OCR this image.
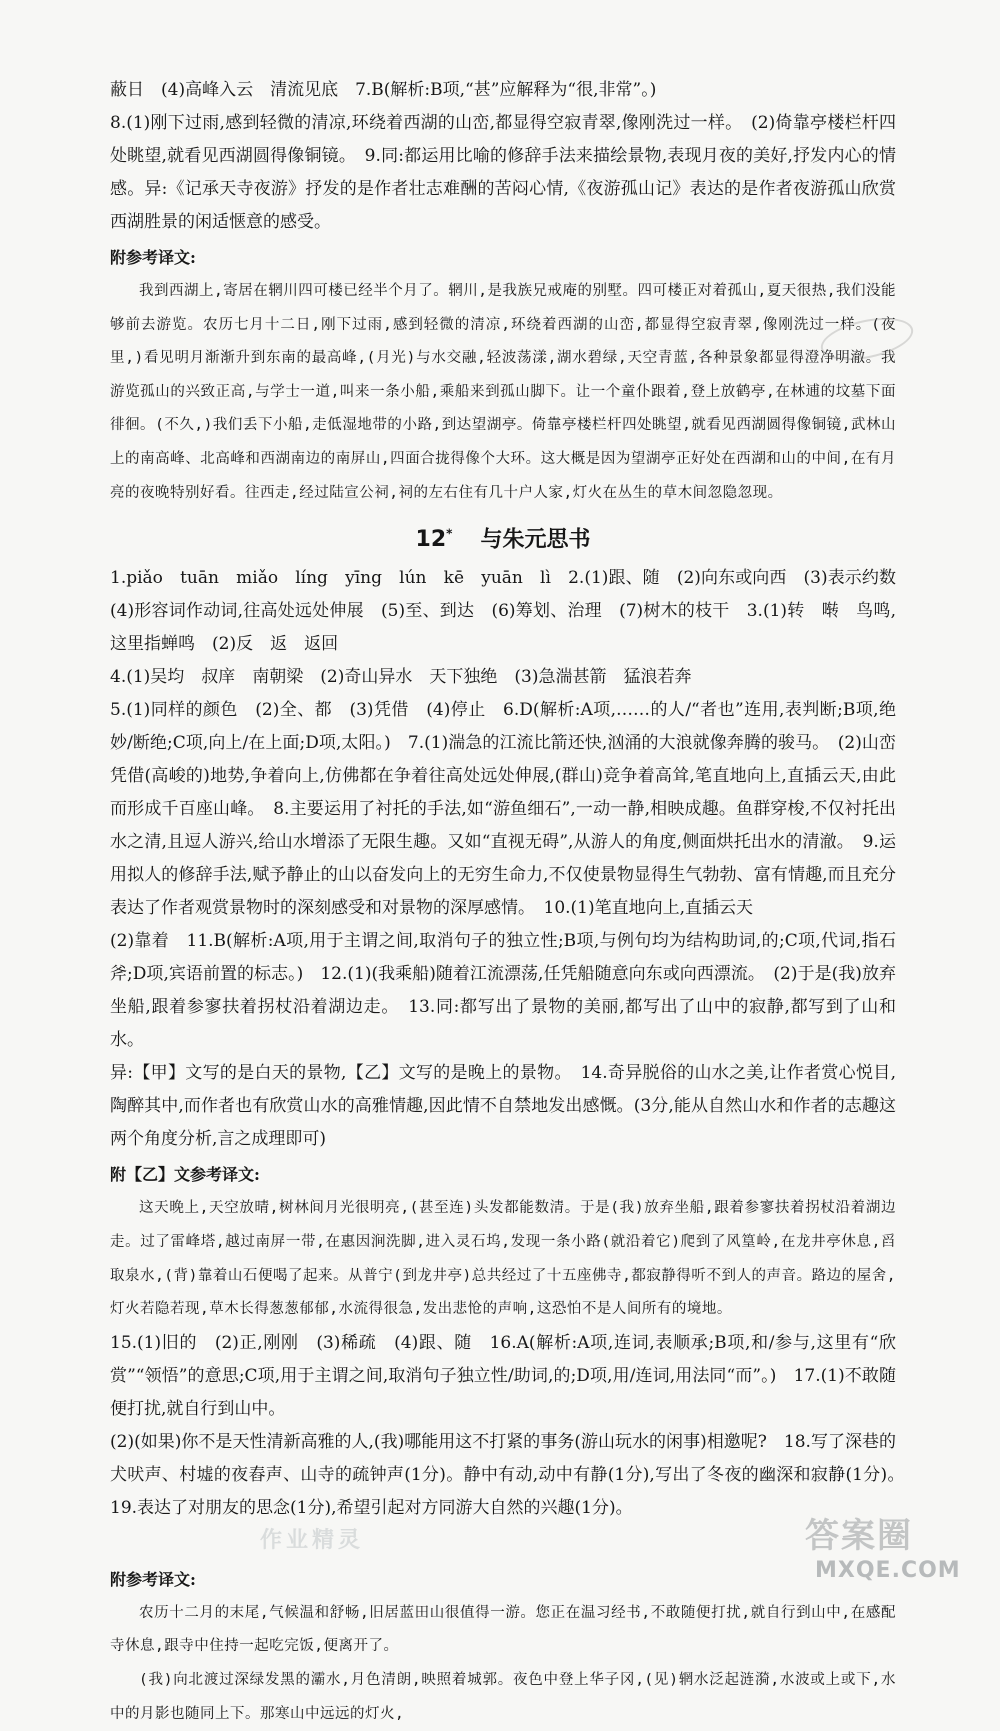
蔽日　(4)高峰入云　清流见底　7.B(解析:B项,“甚”应解释为“很,非常”。)

8.(1)刚下过雨,感到轻微的清凉,环绕着西湖的山峦,都显得空寂青翠,像刚洗过一样。　(2)倚靠亭楼栏杆四处眺望,就看见西湖圆得像铜镜。　9.同:都运用比喻的修辞手法来描绘景物,表现月夜的美好,抒发内心的情感。异:《记承天寺夜游》抒发的是作者壮志难酬的苦闷心情,《夜游孤山记》表达的是作者夜游孤山欣赏西湖胜景的闲适惬意的感受。

附参考译文:

我到西湖上,寄居在辋川四可楼已经半个月了。辋川,是我族兄戒庵的别墅。四可楼正对着孤山,夏天很热,我们没能够前去游览。农历七月十二日,刚下过雨,感到轻微的清凉,环绕着西湖的山峦,都显得空寂青翠,像刚洗过一样。(夜里,)看见明月渐渐升到东南的最高峰,(月光)与水交融,轻波荡漾,湖水碧绿,天空青蓝,各种景象都显得澄净明澈。我游览孤山的兴致正高,与学士一道,叫来一条小船,乘船来到孤山脚下。让一个童仆跟着,登上放鹤亭,在林逋的坟墓下面徘徊。(不久,)我们丢下小船,走低湿地带的小路,到达望湖亭。倚靠亭楼栏杆四处眺望,就看见西湖圆得像铜镜,武林山上的南高峰、北高峰和西湖南边的南屏山,四面合拢得像个大环。这大概是因为望湖亭正好处在西湖和山的中间,在有月亮的夜晚特别好看。往西走,经过陆宣公祠,祠的左右住有几十户人家,灯火在丛生的草木间忽隐忽现。

12* 与朱元思书

1.piǎo　tuān　miǎo　líng　yīng　lún　kē　yuān　lì　2.(1)跟、随　(2)向东或向西　(3)表示约数　(4)形容词作动词,往高处远处伸展　(5)至、到达　(6)筹划、治理　(7)树木的枝干　3.(1)转　啭　鸟鸣,这里指蝉鸣　(2)反　返　返回

4.(1)吴均　叔庠　南朝梁　(2)奇山异水　天下独绝　(3)急湍甚箭　猛浪若奔

5.(1)同样的颜色　(2)全、都　(3)凭借　(4)停止　6.D(解析:A项,……的人/“者也”连用,表判断;B项,绝妙/断绝;C项,向上/在上面;D项,太阳。)　7.(1)湍急的江流比箭还快,汹涌的大浪就像奔腾的骏马。　(2)山峦凭借(高峻的)地势,争着向上,仿佛都在争着往高处远处伸展,(群山)竞争着高耸,笔直地向上,直插云天,由此而形成千百座山峰。　8.主要运用了衬托的手法,如“游鱼细石”,一动一静,相映成趣。鱼群穿梭,不仅衬托出水之清,且逗人游兴,给山水增添了无限生趣。又如“直视无碍”,从游人的角度,侧面烘托出水的清澈。　9.运用拟人的修辞手法,赋予静止的山以奋发向上的无穷生命力,不仅使景物显得生气勃勃、富有情趣,而且充分表达了作者观赏景物时的深刻感受和对景物的深厚感情。　10.(1)笔直地向上,直插云天

(2)靠着　11.B(解析:A项,用于主谓之间,取消句子的独立性;B项,与例句均为结构助词,的;C项,代词,指石斧;D项,宾语前置的标志。)　12.(1)(我乘船)随着江流漂荡,任凭船随意向东或向西漂流。　(2)于是(我)放弃坐船,跟着参寥扶着拐杖沿着湖边走。　13.同:都写出了景物的美丽,都写出了山中的寂静,都写到了山和水。

异:【甲】文写的是白天的景物,【乙】文写的是晚上的景物。　14.奇异脱俗的山水之美,让作者赏心悦目,陶醉其中,而作者也有欣赏山水的高雅情趣,因此情不自禁地发出感慨。(3分,能从自然山水和作者的志趣这两个角度分析,言之成理即可)

附【乙】文参考译文:

这天晚上,天空放晴,树林间月光很明亮,(甚至连)头发都能数清。于是(我)放弃坐船,跟着参寥扶着拐杖沿着湖边走。过了雷峰塔,越过南屏一带,在惠因涧洗脚,进入灵石坞,发现一条小路(就沿着它)爬到了风篁岭,在龙井亭休息,舀取泉水,(背)靠着山石便喝了起来。从普宁(到龙井亭)总共经过了十五座佛寺,都寂静得听不到人的声音。路边的屋舍,灯火若隐若现,草木长得葱葱郁郁,水流得很急,发出悲怆的声响,这恐怕不是人间所有的境地。

15.(1)旧的　(2)正,刚刚　(3)稀疏　(4)跟、随　16.A(解析:A项,连词,表顺承;B项,和/参与,这里有“欣赏”“领悟”的意思;C项,用于主谓之间,取消句子独立性/助词,的;D项,用/连词,用法同“而”。)　17.(1)不敢随便打扰,就自行到山中。

(2)(如果)你不是天性清新高雅的人,(我)哪能用这不打紧的事务(游山玩水的闲事)相邀呢?　18.写了深巷的犬吠声、村墟的夜舂声、山寺的疏钟声(1分)。静中有动,动中有静(1分),写出了冬夜的幽深和寂静(1分)。　19.表达了对朋友的思念(1分),希望引起对方同游大自然的兴趣(1分)。

附参考译文:

农历十二月的末尾,气候温和舒畅,旧居蓝田山很值得一游。您正在温习经书,不敢随便打扰,就自行到山中,在感配寺休息,跟寺中住持一起吃完饭,便离开了。

(我)向北渡过深绿发黑的灞水,月色清朗,映照着城郭。夜色中登上华子冈,(见)辋水泛起涟漪,水波或上或下,水中的月影也随同上下。那寒山中远远的灯火,

作业精灵	答案圈
MXQE.COM
